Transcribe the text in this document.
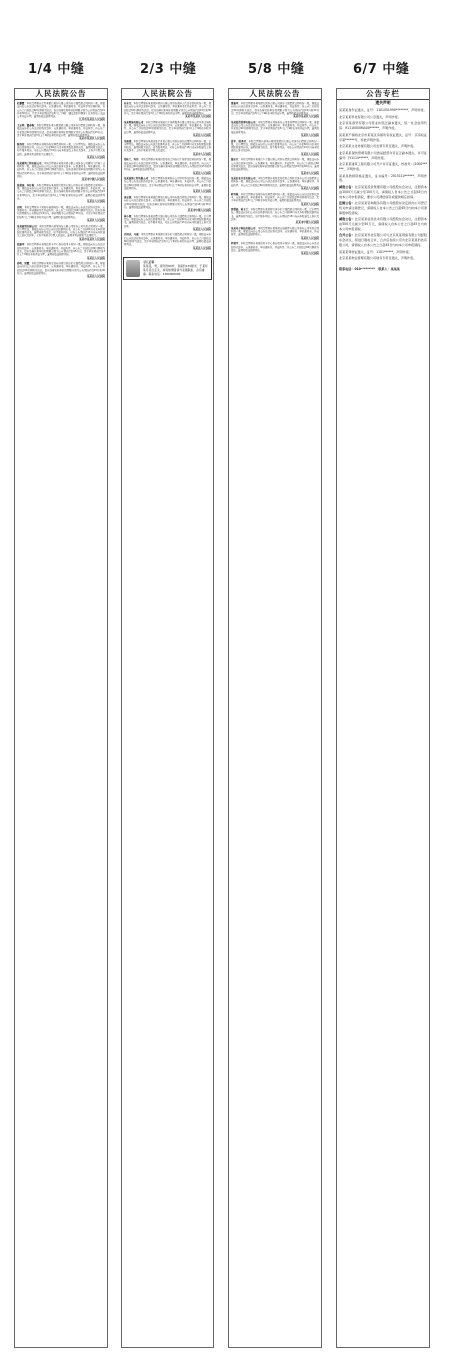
1/4 中缝	2/3 中缝	5/8 中缝	6/7 中缝
人民法院公告
杜鹏霞：本院受理原告江苏某银行股份有限公司诉你金融借款合同纠纷一案，现依法向你公告送达起诉状副本、应诉通知书、举证通知书、开庭传票及证据材料。自公告之日起经过60日即视为送达。提出答辩状和举证的期限分别为公告期满后的15日和30日内。并定于举证期满后第3日上午9时（遇法定假日顺延）在本院第三法庭公开开庭审理，逾期将依法缺席判决。
江苏省某某县人民法院
王志明、董春梅：本院受理原告某小额贷款有限公司诉你们借款合同纠纷一案，现依法向你们公告送达起诉状副本、应诉通知书、举证通知书、开庭传票。自公告之日起经过60日即视为送达。提出答辩状和举证的期限分别为公告期满后的15日内。定于举证期满后第3日上午9时在本院开庭审理，逾期将依法缺席判决。
某某市某某区人民法院
陈秀英：本院受理原告刘某诉你民间借贷纠纷一案，已审理终结。现依法向你公告送达民事判决书。自公告之日起60日内来本院领取民事判决书，逾期则视为送达。如不服本判决，可在公告期满后15日内向本院递交上诉状及副本，上诉于中级人民法院。逾期本判决即发生法律效力。
某某县人民法院
某某建筑工程有限公司：本院受理原告某某劳务有限公司诉你公司建设工程施工合同纠纷一案，现依法向你公司公告送达起诉状副本、应诉通知书、举证通知书、开庭传票。自公告之日起经过60日即视为送达。提出答辩状和举证的期限分别为公告期满后的15日内。定于举证期满后第3日上午9时在本院开庭审理。逾期将依法缺席判决。
某某市中级人民法院
张建国、李红梅：本院受理原告某某银行股份有限公司诉你们金融借款合同纠纷一案，现依法向你们公告送达起诉状副本、应诉通知书、举证通知书、开庭传票。自公告之日起经过60日即视为送达。提出答辩状和举证的期限分别为公告期满后的15日和30日内。定于举证期满后第3日上午9时在本院开庭审理，逾期将依法缺席判决。
某某县人民法院
刘勇：本院受理原告王某诉你离婚纠纷一案，现依法向你公告送达起诉状副本、应诉通知书、举证通知书及开庭传票。自公告之日起经过60日即视为送达。提出答辩状的期限为公告期满后15日内，举证期限为公告期满后30日内。并定于举证期满后的第3日上午9时在本院开庭审理，逾期将依法缺席判决。
某某区人民法院
某某商贸有限公司：本院受理原告某某科技有限公司诉你公司买卖合同纠纷一案，已审理终结。现依法向你公司公告送达民事判决书。自公告之日起60日内来本院领取民事判决书，逾期则视为送达。如不服本判决，可在公告期满后15日内向本院递交上诉状及副本，上诉于某某市中级人民法院。逾期本判决即发生法律效力。
某某市某某区人民法院
赵丽华：本院受理原告某某信用卡中心诉你信用卡纠纷一案，现依法向你公告送达起诉状副本、应诉通知书、举证通知书、开庭传票。自公告之日起经过60日即视为送达。提出答辩状和举证的期限分别为公告期满后的15日内。定于举证期满后第3日上午9时在本院开庭审理，逾期将依法缺席判决。
某某县人民法院
孙明、周霞：本院受理原告某某农村商业银行诉你们金融借款合同纠纷一案，现依法向你们公告送达起诉状副本、应诉通知书、举证通知书、开庭传票。自公告之日起经过60日即视为送达。提出答辩状和举证的期限分别为公告期满后的15日和30日内，逾期将依法缺席判决。
某某县人民法院
人民法院公告
何永生：本院受理原告某某保险股份有限公司诉你保险人代位求偿权纠纷一案，现依法向你公告送达起诉状副本、应诉通知书、举证通知书及开庭传票。自公告之日起经过60日即视为送达。提出答辩状和举证的期限分别为公告期满后的15日和30日内。定于举证期满后第3日上午9时在本院开庭审理，逾期将依法缺席判决。
某某市某某区人民法院
某某物流有限公司：本院受理原告某某汽车销售服务有限公司诉你公司买卖合同纠纷一案，现依法向你公司公告送达起诉状副本、应诉通知书、举证通知书、开庭传票。自公告之日起经过60日即视为送达。定于举证期满后第3日上午9时在本院开庭审理。逾期将依法缺席判决。
某某县人民法院
吴海涛：本院受理原告某某房地产开发有限公司诉你商品房预售合同纠纷一案，已审理终结。现依法向你公告送达民事判决书。自公告之日起60日内来本院领取民事判决书，逾期则视为送达。如不服本判决，可在公告期满后15日内向本院递交上诉状及副本，上诉于某某市中级人民法院。
某某市人民法院
郑桂兰、冯伟：本院受理原告某某村民委员会诉你们土地承包经营权纠纷一案，现依法向你们公告送达起诉状副本、应诉通知书、举证通知书、开庭传票。自公告之日起经过60日即视为送达。提出答辩状和举证的期限分别为公告期满后的15日和30日内。逾期将依法缺席判决。
某某县人民法院
某某装饰工程有限公司：本院受理原告陈某诉你公司劳动争议纠纷一案，现依法向你公司公告送达起诉状副本、应诉通知书、举证通知书、开庭传票。自公告之日起经过60日即视为送达。定于举证期满后第3日上午9时在本院开庭审理，逾期将依法缺席判决。
某某区人民法院
黄志强：本院受理原告某某融资租赁有限公司诉你融资租赁合同纠纷一案，现依法向你公告送达起诉状副本、应诉通知书、举证通知书、开庭传票。自公告之日起经过60日即视为送达。提出答辩状和举证的期限分别为公告期满后的15日和30日内。逾期将依法缺席判决。
某某市中级人民法院
林小燕：本院受理原告某某消费金融有限公司诉你金融借款合同纠纷一案，已审理终结。现依法向你公告送达民事判决书。自公告之日起60日内来本院领取民事判决书，逾期则视为送达。如不服本判决，可在公告期满后15日内向本院递交上诉状及副本。
某某县人民法院
许国庆、马丽：本院受理原告某某银行诉你们金融借款合同纠纷一案，现依法向你们公告送达起诉状副本、应诉通知书、举证通知书、开庭传票。自公告之日起经过60日即视为送达。定于举证期满后第3日上午9时在本院开庭审理，逾期将依法缺席判决。
某某县人民法院
寻人启事
某某某，男，现年约60岁，身高约170厘米，于某年某月某日走失，如有知情者请与家属联系，必有重谢。联系电话：1380000000
人民法院公告
曹振华：本院受理原告某某银行股份有限公司诉你金融借款合同纠纷一案，现依法向你公告送达起诉状副本、应诉通知书、举证通知书、开庭传票。自公告之日起经过60日即视为送达。提出答辩状和举证的期限分别为公告期满后的15日和30日内。定于举证期满后第3日上午9时在本院开庭审理，逾期将依法缺席判决。
某某市某某区人民法院
某某投资管理有限公司：本院受理原告邓某诉你公司委托理财合同纠纷一案，现依法向你公司公告送达起诉状副本、应诉通知书、举证通知书、开庭传票。自公告之日起经过60日即视为送达。定于举证期满后第3日上午9时在本院开庭审理，逾期将依法缺席判决。
某某区人民法院
彭军、唐秀芳：本院受理原告某某小额贷款股份有限公司诉你们借款合同纠纷一案，已审理终结。现依法向你们公告送达民事判决书。自公告之日起60日内来本院领取民事判决书，逾期则视为送达。如不服本判决，可在公告期满后15日内向本院递交上诉状及副本。
某某县人民法院
谢东升：本院受理原告某某汽车金融有限公司诉你借款合同纠纷一案，现依法向你公告送达起诉状副本、应诉通知书、举证通知书、开庭传票。自公告之日起经过60日即视为送达。提出答辩状和举证的期限分别为公告期满后的15日和30日内。逾期将依法缺席判决。
某某市人民法院
某某农业开发有限公司：本院受理原告某某农村信用合作联社诉你公司金融借款合同纠纷一案，现依法向你公司公告送达起诉状副本、应诉通知书、举证通知书、开庭传票。自公告之日起经过60日即视为送达。逾期将依法缺席判决。
某某县人民法院
韩雪梅：本院受理原告钱某诉你民间借贷纠纷一案，现依法向你公告送达起诉状副本、应诉通知书、举证通知书、开庭传票。自公告之日起经过60日即视为送达。定于举证期满后第3日上午9时在本院开庭审理，逾期将依法缺席判决。
某某区人民法院
曾德福、蒋玉兰：本院受理原告某某银行诉你们金融借款合同纠纷一案，已审理终结。现依法向你们公告送达民事判决书。自公告之日起60日内来本院领取民事判决书，逾期则视为送达。如不服本判决，可在公告期满后15日内向本院递交上诉状及副本。
某某市中级人民法院
某某电子科技有限公司：本院受理原告某某供应链管理有限公司诉你公司买卖合同纠纷一案，现依法向你公司公告送达起诉状副本、应诉通知书、举证通知书、开庭传票。逾期将依法缺席判决。
某某区人民法院
罗建平：本院受理原告某某信用卡中心诉你信用卡纠纷一案，现依法向你公告送达起诉状副本、应诉通知书、举证通知书、开庭传票。自公告之日起经过60日即视为送达。逾期将依法缺席判决。
某某县人民法院
公告专栏
遗失声明
某某某身份证遗失，证号：1101051990********，声明作废。
北京某某科技有限公司公章遗失，声明作废。
北京某某商贸有限公司营业执照正副本遗失，统一社会信用代码：91110000MA00******，声明作废。
某某某不慎将北京市某某区房屋所有权证遗失，证号：京房权证字第******号，特此声明作废。
北京某某文化传媒有限公司发票专用章遗失，声明作废。
北京某某餐饮管理有限公司食品经营许可证正副本遗失，许可证编号：JY1110******，声明作废。
北京某某建筑工程有限公司开户许可证遗失，核准号：J1000******，声明作废。
某某某教师资格证遗失，证书编号：2015110******，声明作废。
减资公告：北京某某投资管理有限公司经股东会决议，注册资本由1000万元减少至100万元，请债权人自本公告之日起45日内向本公司申报债权，要求公司清偿债务或提供相应担保。
注销公告：北京某某咨询服务有限公司经股东决定拟向公司登记机关申请注销登记，请债权人自本公告之日起45日内向本公司清算组申报债权。
减资公告：北京某某信息技术有限公司经股东会决议，注册资本由500万元减少至50万元，请债权人自本公告之日起45日内向本公司申报债权。
合并公告：北京某某科技有限公司与北京某某网络有限公司经股东会决议，拟进行吸收合并，合并后存续公司为北京某某科技有限公司，请债权人自本公告之日起45日内向本公司申报债权。
某某某驾驶证遗失，证号：1101******，声明作废。
北京某某物业管理有限公司财务专用章遗失，声明作废。
联系电话：010-********　联系人：某某某
